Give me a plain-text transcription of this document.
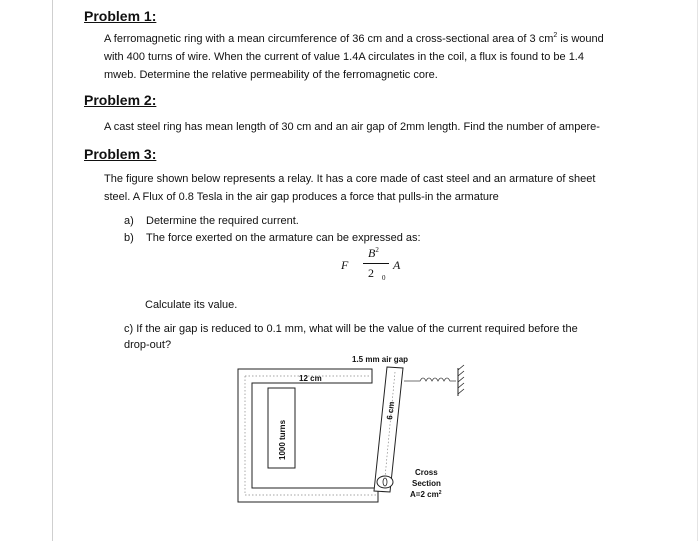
Problem 1:
A ferromagnetic ring with a mean circumference of 36 cm and a cross-sectional area of 3 $cm^2$ is wound
with 400 turns of wire. When the current of value 1.4A circulates in the coil, a flux is found to be 1.4
mweb. Determine the relative permeability of the ferromagnetic core.
Problem 2:
A cast steel ring has mean length of 30 cm and an air gap of 2mm length. Find the number of ampere-
Problem 3:
The figure shown below represents a relay. It has a core made of cast steel and an armature of sheet
steel. A Flux of 0.8 Tesla in the air gap produces a force that pulls-in the armature
a) Determine the required current.
b) The force exerted on the armature can be expressed as:
F
$B^2$
2 0
A
Calculate its value.
c) If the air gap is reduced to 0.1 mm, what will be the value of the current required before the
drop-out?
1.5 mm air gap
12 cm
6 cm
1000 turns
Cross
Section
A=2 $cm^2$
